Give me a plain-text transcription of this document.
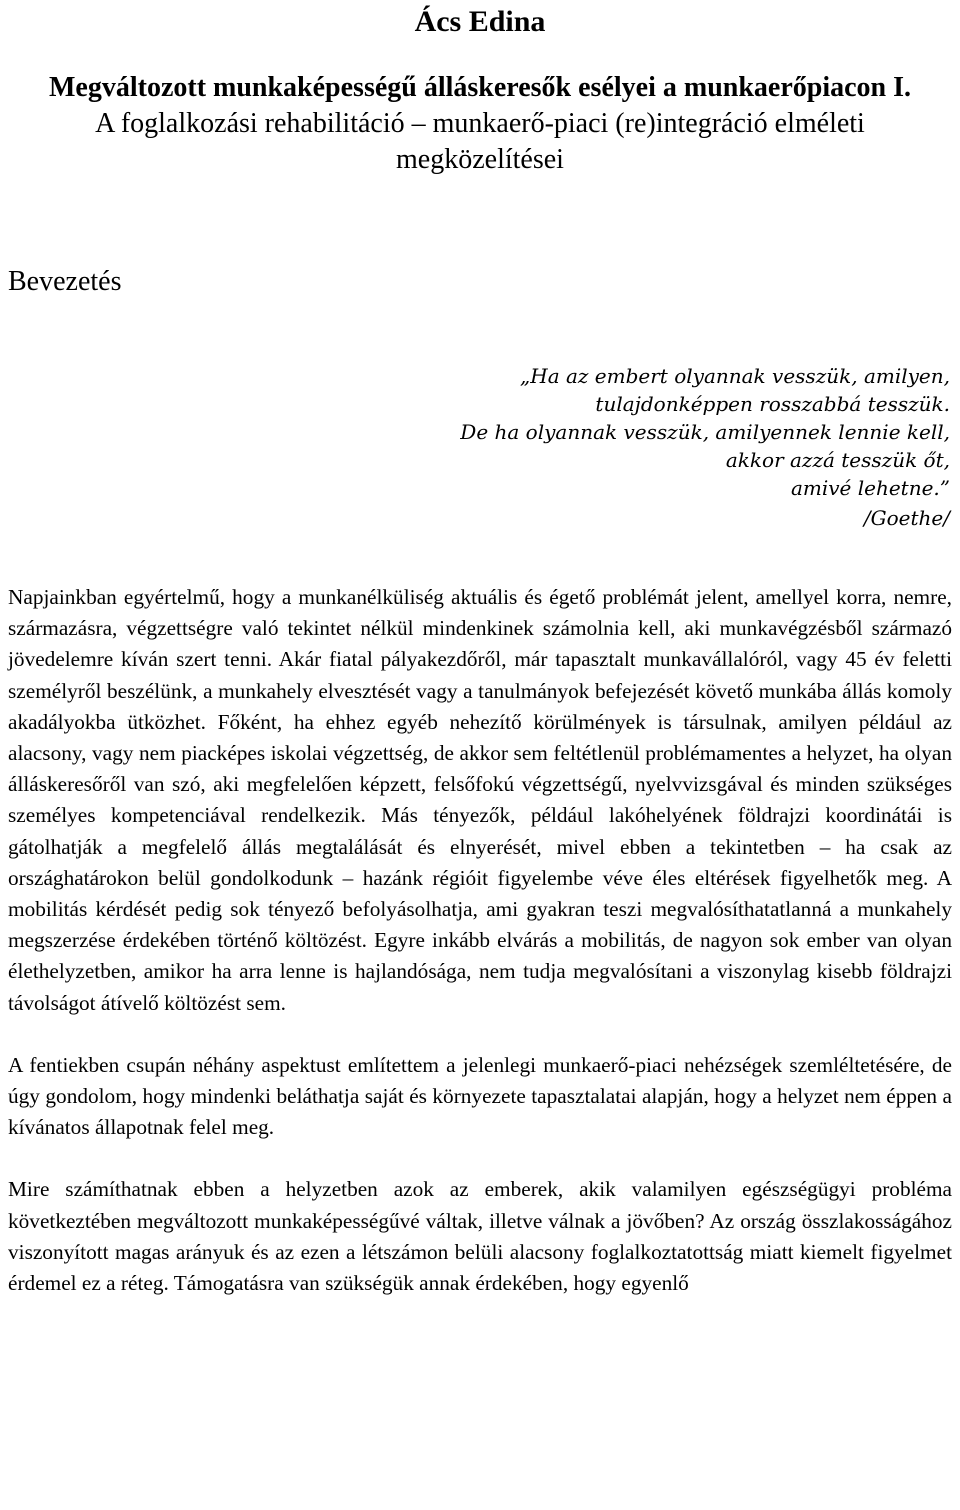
Ács Edina
Megváltozott munkaképességű álláskeresők esélyei a munkaerőpiacon I.
A foglalkozási rehabilitáció – munkaerő-piaci (re)integráció elméleti
megközelítései
Bevezetés
„Ha az embert olyannak vesszük, amilyen,
tulajdonképpen rosszabbá tesszük.
De ha olyannak vesszük, amilyennek lennie kell,
akkor azzá tesszük őt,
amivé lehetne.”
/Goethe/

Napjainkban egyértelmű, hogy a munkanélküliség aktuális és égető problémát jelent, amellyel korra, nemre, származásra, végzettségre való tekintet nélkül mindenkinek számolnia kell, aki munkavégzésből származó jövedelemre kíván szert tenni. Akár fiatal pályakezdőről, már tapasztalt munkavállalóról, vagy 45 év feletti személyről beszélünk, a munkahely elvesztését vagy a tanulmányok befejezését követő munkába állás komoly akadályokba ütközhet. Főként, ha ehhez egyéb nehezítő körülmények is társulnak, amilyen például az alacsony, vagy nem piacképes iskolai végzettség, de akkor sem feltétlenül problémamentes a helyzet, ha olyan álláskeresőről van szó, aki megfelelően képzett, felsőfokú végzettségű, nyelvvizsgával és minden szükséges személyes kompetenciával rendelkezik. Más tényezők, például lakóhelyének földrajzi koordinátái is gátolhatják a megfelelő állás megtalálását és elnyerését, mivel ebben a tekintetben – ha csak az országhatárokon belül gondolkodunk – hazánk régióit figyelembe véve éles eltérések figyelhetők meg. A mobilitás kérdését pedig sok tényező befolyásolhatja, ami gyakran teszi megvalósíthatatlanná a munkahely megszerzése érdekében történő költözést. Egyre inkább elvárás a mobilitás, de nagyon sok ember van olyan élethelyzetben, amikor ha arra lenne is hajlandósága, nem tudja megvalósítani a viszonylag kisebb földrajzi távolságot átívelő költözést sem.

A fentiekben csupán néhány aspektust említettem a jelenlegi munkaerő-piaci nehézségek szemléltetésére, de úgy gondolom, hogy mindenki beláthatja saját és környezete tapasztalatai alapján, hogy a helyzet nem éppen a kívánatos állapotnak felel meg.

Mire számíthatnak ebben a helyzetben azok az emberek, akik valamilyen egészségügyi probléma következtében megváltozott munkaképességűvé váltak, illetve válnak a jövőben? Az ország összlakosságához viszonyított magas arányuk és az ezen a létszámon belüli alacsony foglalkoztatottság miatt kiemelt figyelmet érdemel ez a réteg. Támogatásra van szükségük annak érdekében, hogy egyenlő
